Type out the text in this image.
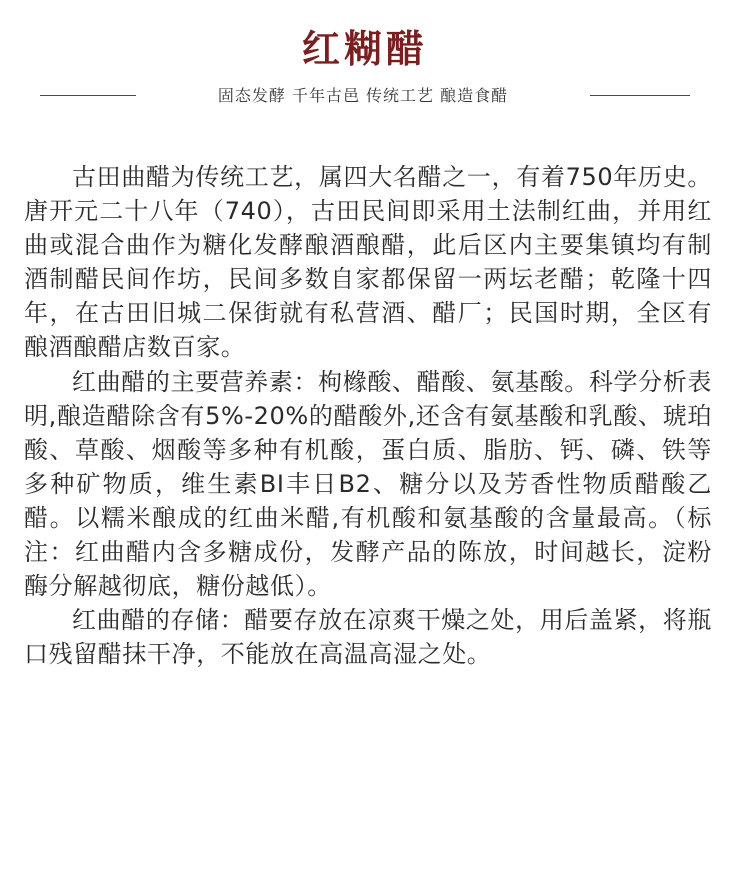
红糊醋
固态发酵 千年古邑 传统工艺 酿造食醋

古田曲醋为传统工艺，属四大名醋之一，有着750年历史。唐开元二十八年（740），古田民间即采用土法制红曲，并用红曲或混合曲作为糖化发酵酿酒酿醋，此后区内主要集镇均有制酒制醋民间作坊，民间多数自家都保留一两坛老醋；乾隆十四年，在古田旧城二保街就有私营酒、醋厂；民国时期，全区有酿酒酿醋店数百家。

红曲醋的主要营养素：枸橼酸、醋酸、氨基酸。科学分析表明,酿造醋除含有5%-20%的醋酸外,还含有氨基酸和乳酸、琥珀酸、草酸、烟酸等多种有机酸，蛋白质、脂肪、钙、磷、铁等多种矿物质，维生素BI丰日B2、糖分以及芳香性物质醋酸乙醋。以糯米酿成的红曲米醋,有机酸和氨基酸的含量最高。（标注：红曲醋内含多糖成份，发酵产品的陈放，时间越长，淀粉酶分解越彻底，糖份越低）。

红曲醋的存储：醋要存放在凉爽干燥之处，用后盖紧，将瓶口残留醋抹干净，不能放在高温高湿之处。
